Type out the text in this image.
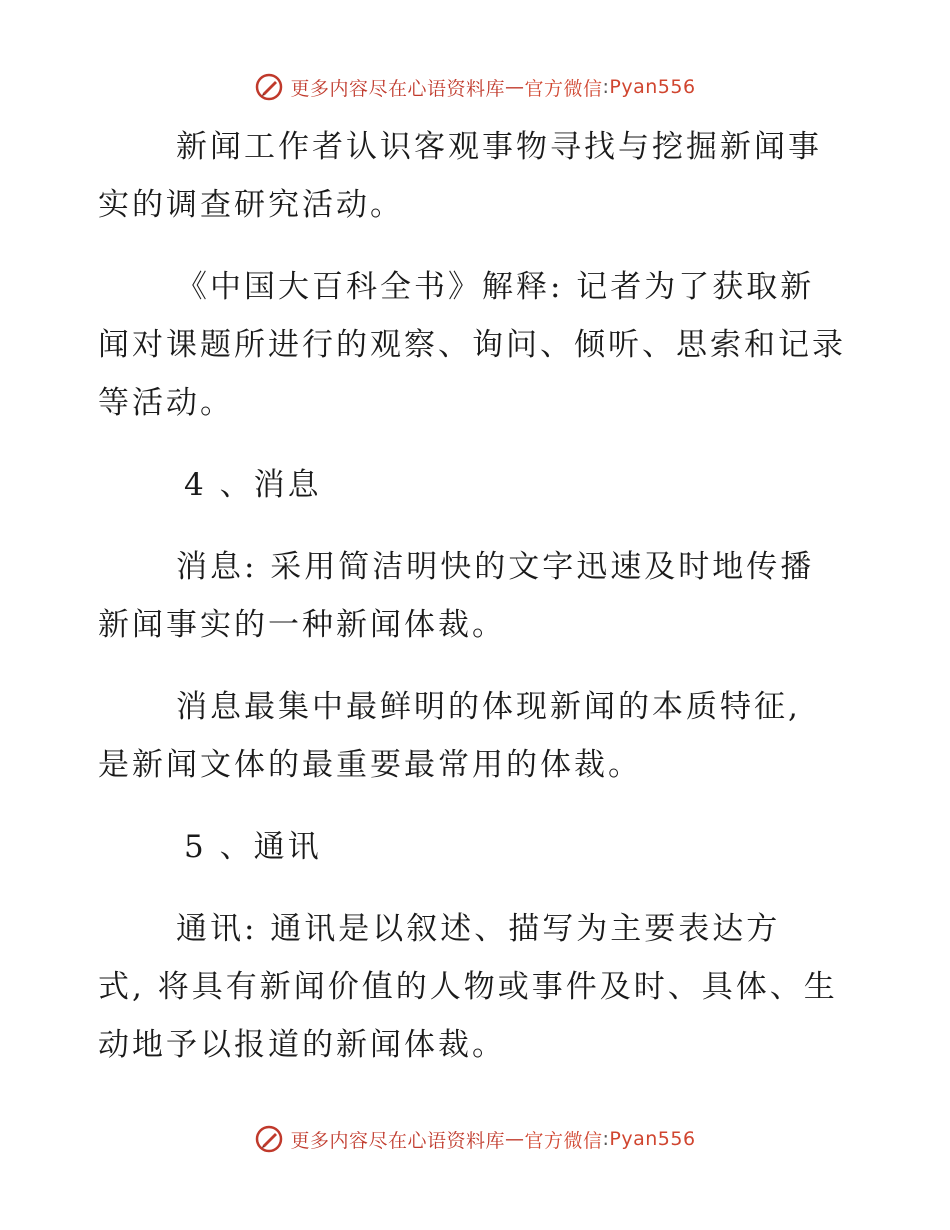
更多内容尽在心语资料库 — 官方微信 : Pyan556

新闻工作者认识客观事物寻找与挖掘新闻事

实的调查研究活动。

《中国大百科全书》解释: 记者为了获取新

闻对课题所进行的观察、询问、倾听、思索和记录

等活动。

4 、消息

消息: 采用简洁明快的文字迅速及时地传播

新闻事实的一种新闻体裁。

消息最集中最鲜明的体现新闻的本质特征,

是新闻文体的最重要最常用的体裁。

5 、通讯

通讯: 通讯是以叙述、描写为主要表达方

式, 将具有新闻价值的人物或事件及时、具体、生

动地予以报道的新闻体裁。

更多内容尽在心语资料库 — 官方微信 : Pyan556
